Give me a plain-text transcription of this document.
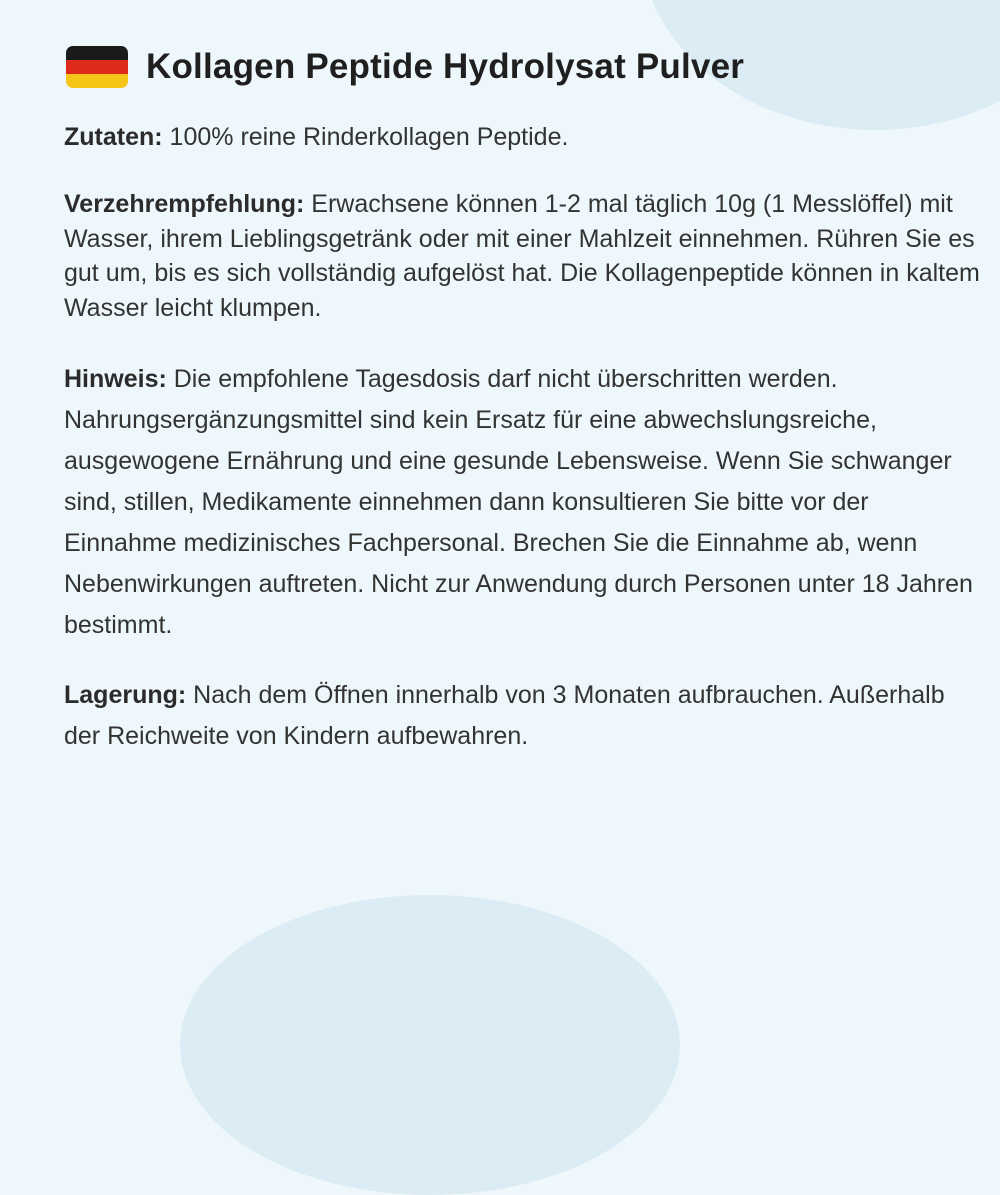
Kollagen Peptide Hydrolysat Pulver

Zutaten: 100% reine Rinderkollagen Peptide.

Verzehrempfehlung: Erwachsene können 1-2 mal täglich 10g (1 Messlöffel) mit Wasser, ihrem Lieblingsgetränk oder mit einer Mahlzeit einnehmen. Rühren Sie es gut um, bis es sich vollständig aufgelöst hat. Die Kollagenpeptide können in kaltem Wasser leicht klumpen.

Hinweis: Die empfohlene Tagesdosis darf nicht überschritten werden. Nahrungsergänzungsmittel sind kein Ersatz für eine abwechslungsreiche, ausgewogene Ernährung und eine gesunde Lebensweise. Wenn Sie schwanger sind, stillen, Medikamente einnehmen dann konsultieren Sie bitte vor der Einnahme medizinisches Fachpersonal. Brechen Sie die Einnahme ab, wenn Nebenwirkungen auftreten. Nicht zur Anwendung durch Personen unter 18 Jahren bestimmt.

Lagerung: Nach dem Öffnen innerhalb von 3 Monaten aufbrauchen. Außerhalb der Reichweite von Kindern aufbewahren.
